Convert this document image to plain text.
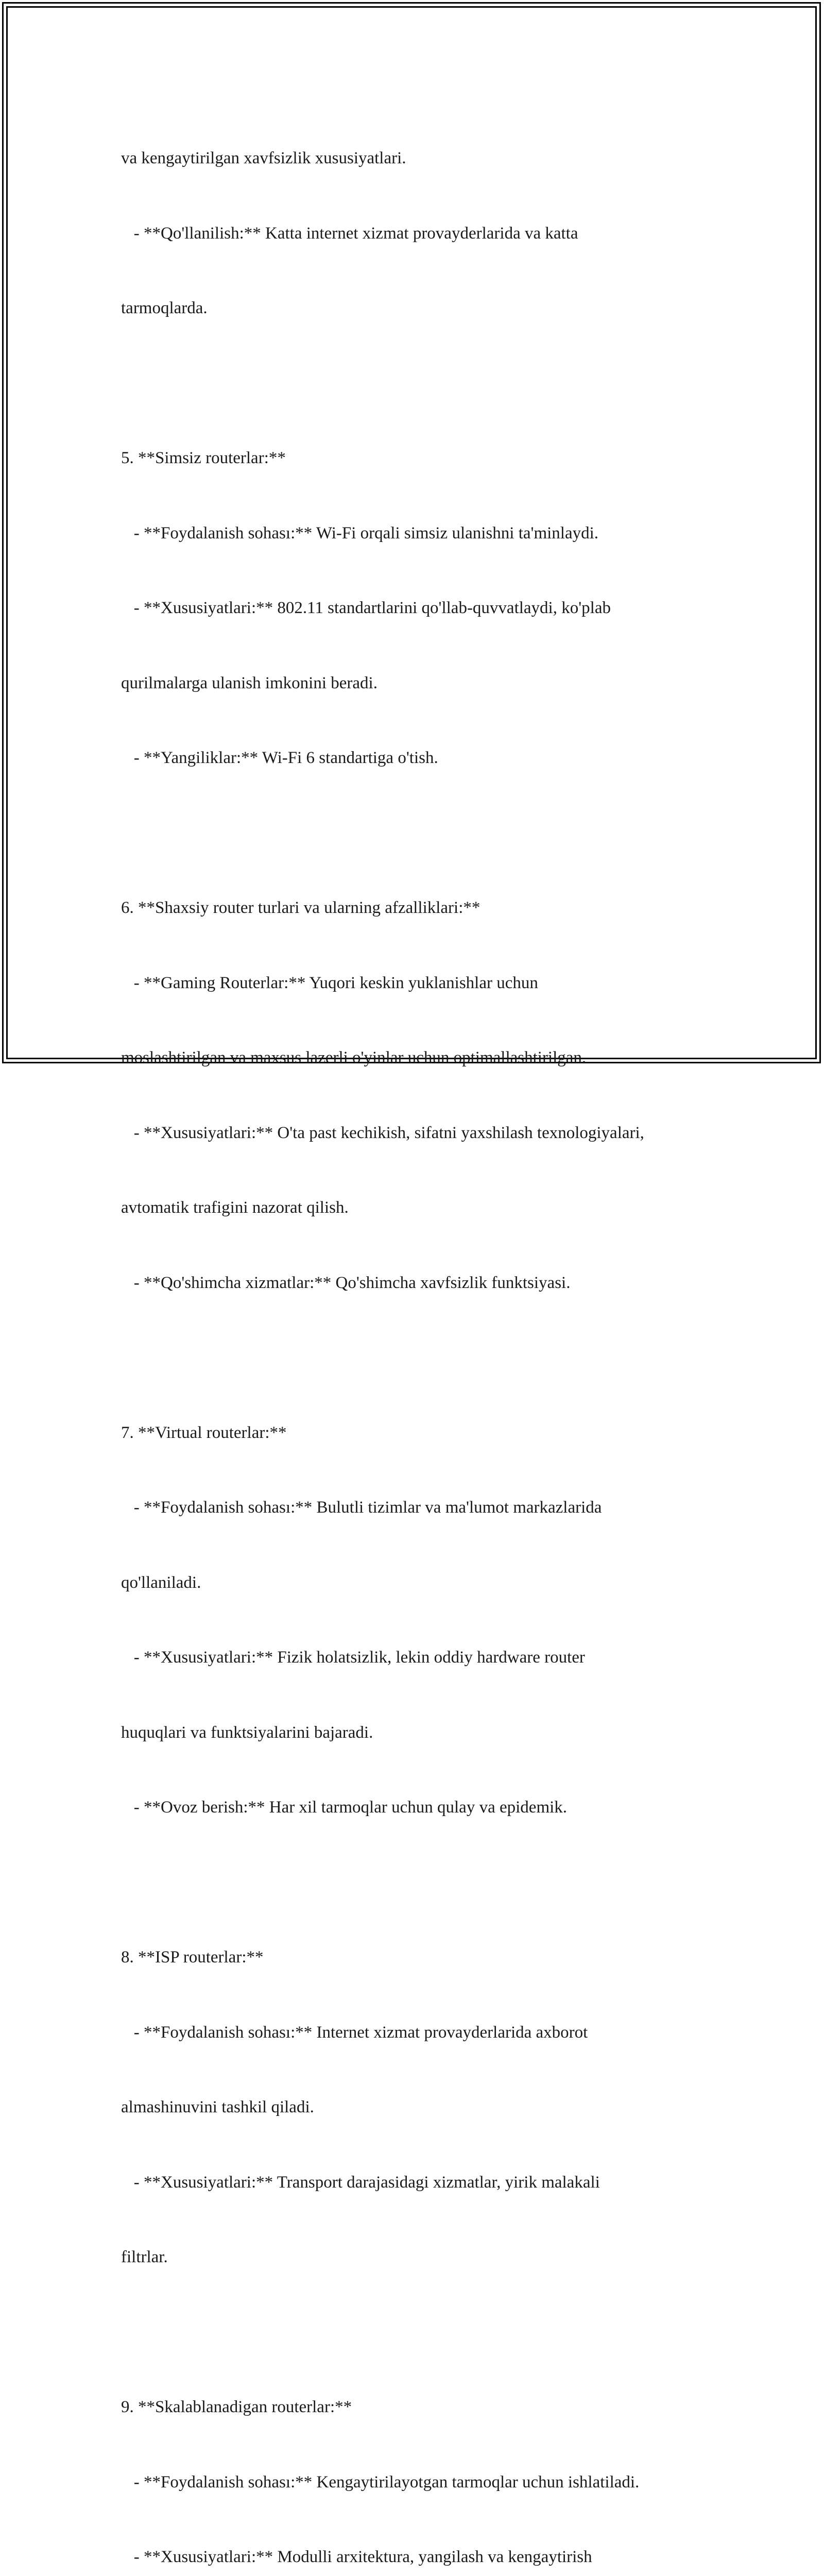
va kengaytirilgan xavfsizlik xususiyatlari.

- **Qo'llanilish:** Katta internet xizmat provayderlarida va katta

tarmoqlarda.

5. **Simsiz routerlar:**

- **Foydalanish sohası:** Wi-Fi orqali simsiz ulanishni ta'minlaydi.

- **Xususiyatlari:** 802.11 standartlarini qo'llab-quvvatlaydi, ko'plab

qurilmalarga ulanish imkonini beradi.

- **Yangiliklar:** Wi-Fi 6 standartiga o'tish.

6. **Shaxsiy router turlari va ularning afzalliklari:**

- **Gaming Routerlar:** Yuqori keskin yuklanishlar uchun

moslashtirilgan va maxsus lazerli o'yinlar uchun optimallashtirilgan.

- **Xususiyatlari:** O'ta past kechikish, sifatni yaxshilash texnologiyalari,

avtomatik trafigini nazorat qilish.

- **Qo'shimcha xizmatlar:** Qo'shimcha xavfsizlik funktsiyasi.

7. **Virtual routerlar:**

- **Foydalanish sohası:** Bulutli tizimlar va ma'lumot markazlarida

qo'llaniladi.

- **Xususiyatlari:** Fizik holatsizlik, lekin oddiy hardware router

huquqlari va funktsiyalarini bajaradi.

- **Ovoz berish:** Har xil tarmoqlar uchun qulay va epidemik.

8. **ISP routerlar:**

- **Foydalanish sohası:** Internet xizmat provayderlarida axborot

almashinuvini tashkil qiladi.

- **Xususiyatlari:** Transport darajasidagi xizmatlar, yirik malakali

filtrlar.

9. **Skalablanadigan routerlar:**

- **Foydalanish sohası:** Kengaytirilayotgan tarmoqlar uchun ishlatiladi.

- **Xususiyatlari:** Modulli arxitektura, yangilash va kengaytirish
